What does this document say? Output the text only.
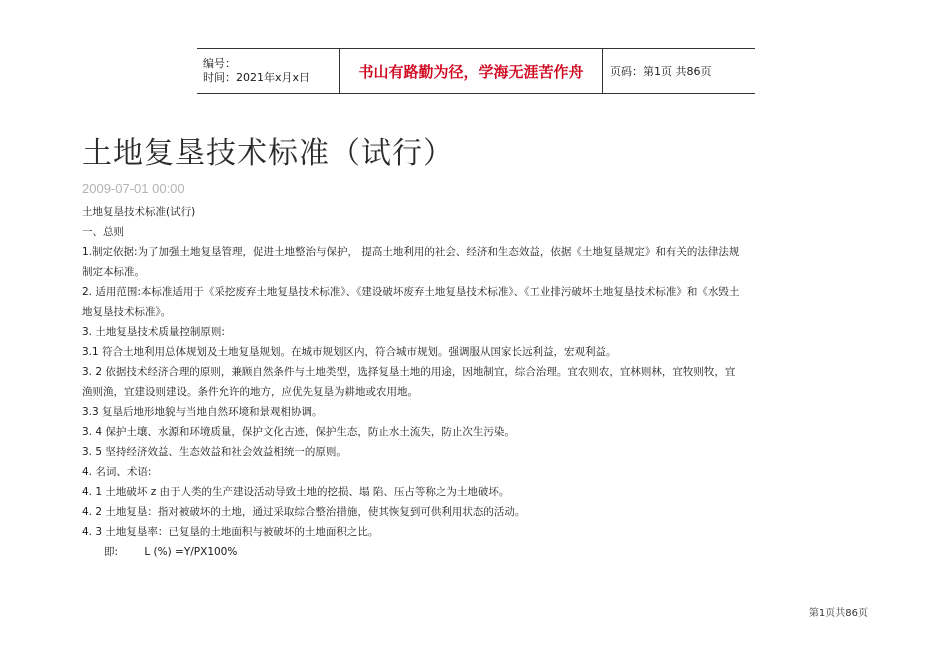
编号：
时间：2021年x月x日	书山有路勤为径，学海无涯苦作舟 页码：第1页 共86页
土地复垦技术标准（试行）
2009-07-01 00:00

土地复垦技术标准(试行)

一、总则

1.制定依据:为了加强土地复垦管理，促进土地整治与保护， 提高土地利用的社会、经济和生态效益，依据《土地复垦规定》和有关的法律法规制定本标准。

2. 适用范围:本标准适用于《采挖废弃土地复垦技术标准》、《建设破坏废弃土地复垦技术标准》、《工业排污破坏土地复垦技术标准》和《水毁土地复垦技术标准》。

3. 土地复垦技术质量控制原则:

3.1 符合土地利用总体规划及土地复垦规划。在城市规划区内，符合城市规划。强调服从国家长远利益，宏观利益。

3. 2 依据技术经济合理的原则，兼顾自然条件与土地类型，选择复垦土地的用途，因地制宜，综合治理。宜农则农，宜林则林，宜牧则牧，宜渔则渔，宜建设则建设。条件允许的地方，应优先复垦为耕地或农用地。

3.3 复垦后地形地貌与当地自然环境和景观相协调。

3. 4 保护土壤、水源和环境质量，保护文化古迹，保护生态，防止水土流失，防止次生污染。

3. 5 坚持经济效益、生态效益和社会效益相统一的原则。

4. 名词、术语:

4. 1 土地破坏 z 由于人类的生产建设活动导致土地的挖损、塌 陷、压占等称之为土地破坏。

4. 2 土地复垦：指对被破坏的土地，通过采取综合整治措施，使其恢复到可供利用状态的活动。

4. 3 土地复垦率：已复垦的土地面积与被破坏的土地面积之比。

即:	L (%) =Y/PX100%

第1页共86页
